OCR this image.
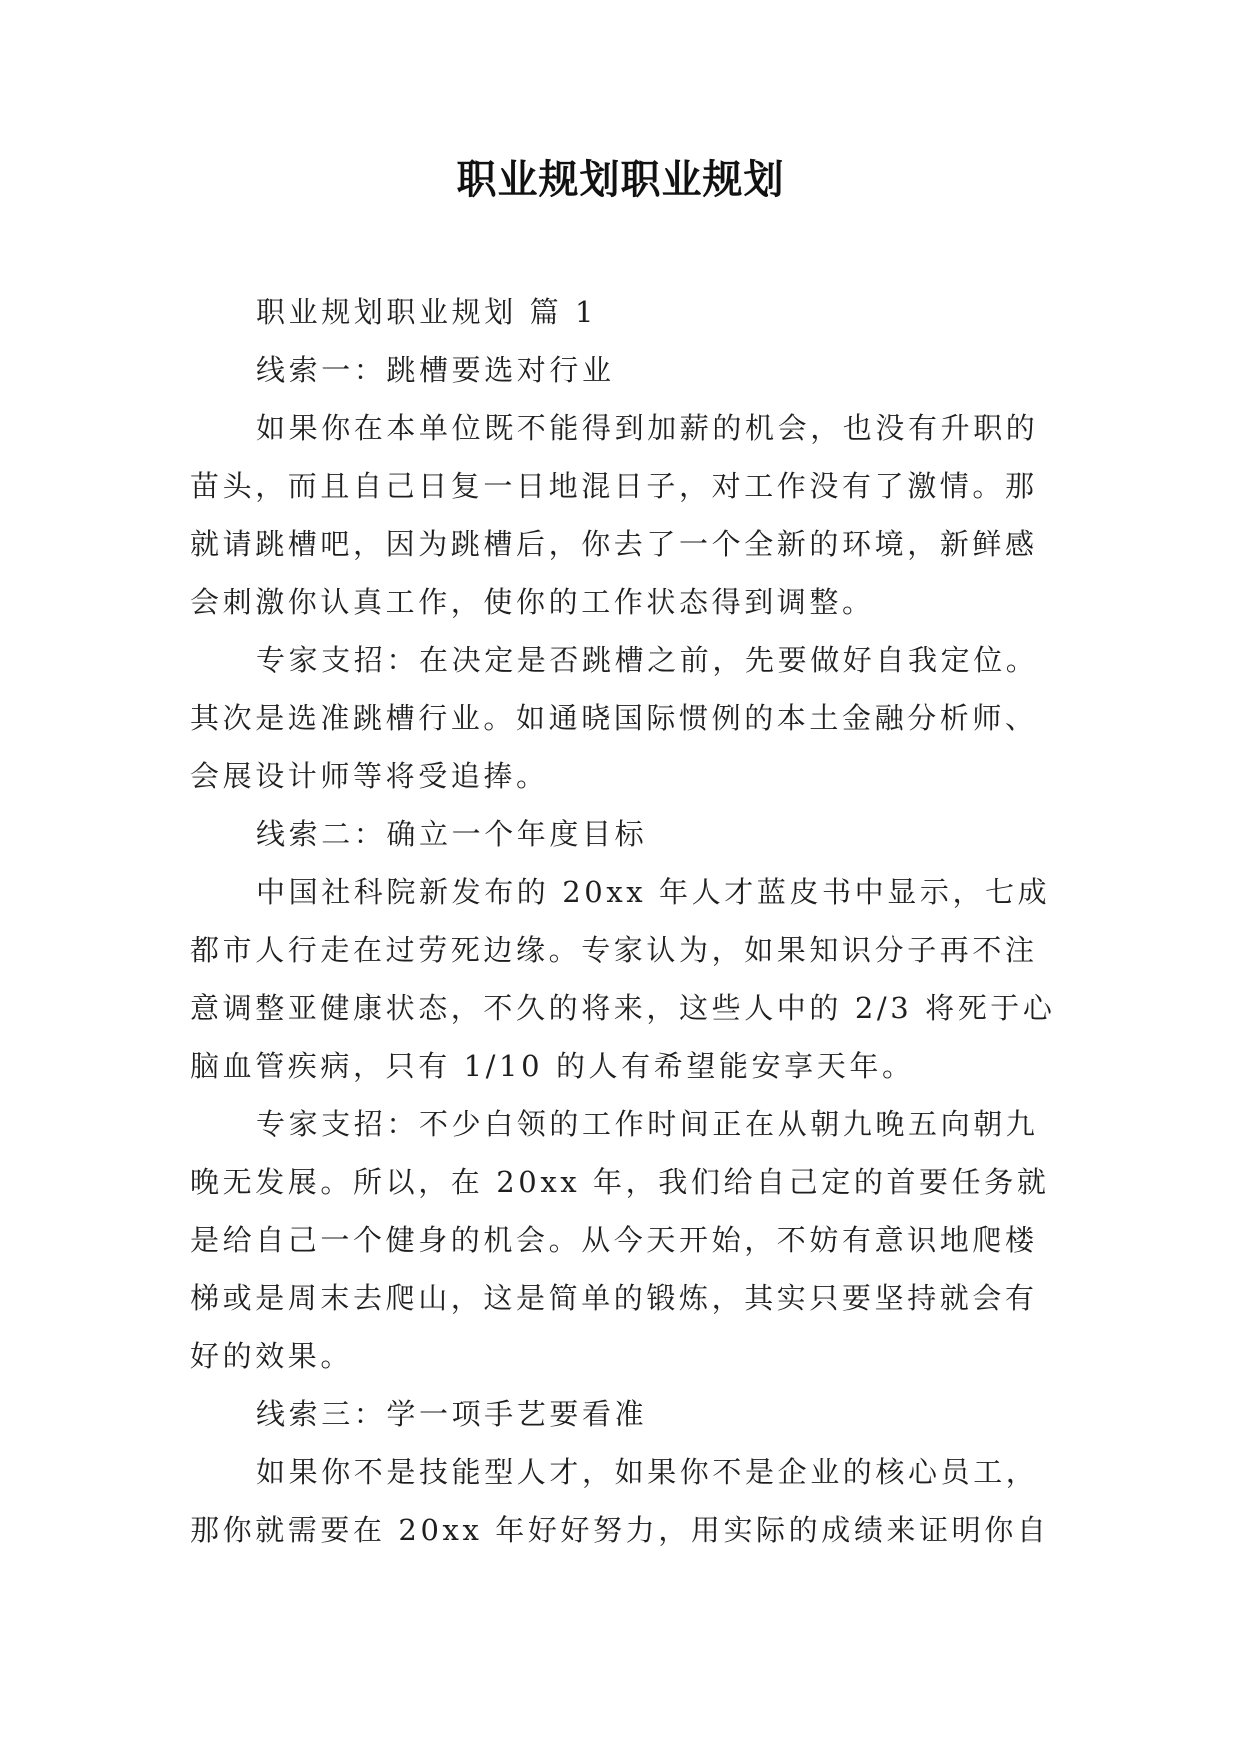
职业规划职业规划
职业规划职业规划 篇 1
线索一：跳槽要选对行业
如果你在本单位既不能得到加薪的机会，也没有升职的
苗头，而且自己日复一日地混日子，对工作没有了激情。那
就请跳槽吧，因为跳槽后，你去了一个全新的环境，新鲜感
会刺激你认真工作，使你的工作状态得到调整。
专家支招：在决定是否跳槽之前，先要做好自我定位。
其次是选准跳槽行业。如通晓国际惯例的本土金融分析师、
会展设计师等将受追捧。
线索二：确立一个年度目标
中国社科院新发布的 20xx 年人才蓝皮书中显示，七成
都市人行走在过劳死边缘。专家认为，如果知识分子再不注
意调整亚健康状态，不久的将来，这些人中的 2/3 将死于心
脑血管疾病，只有 1/10 的人有希望能安享天年。
专家支招：不少白领的工作时间正在从朝九晚五向朝九
晚无发展。所以，在 20xx 年，我们给自己定的首要任务就
是给自己一个健身的机会。从今天开始，不妨有意识地爬楼
梯或是周末去爬山，这是简单的锻炼，其实只要坚持就会有
好的效果。
线索三：学一项手艺要看准
如果你不是技能型人才，如果你不是企业的核心员工，
那你就需要在 20xx 年好好努力，用实际的成绩来证明你自
